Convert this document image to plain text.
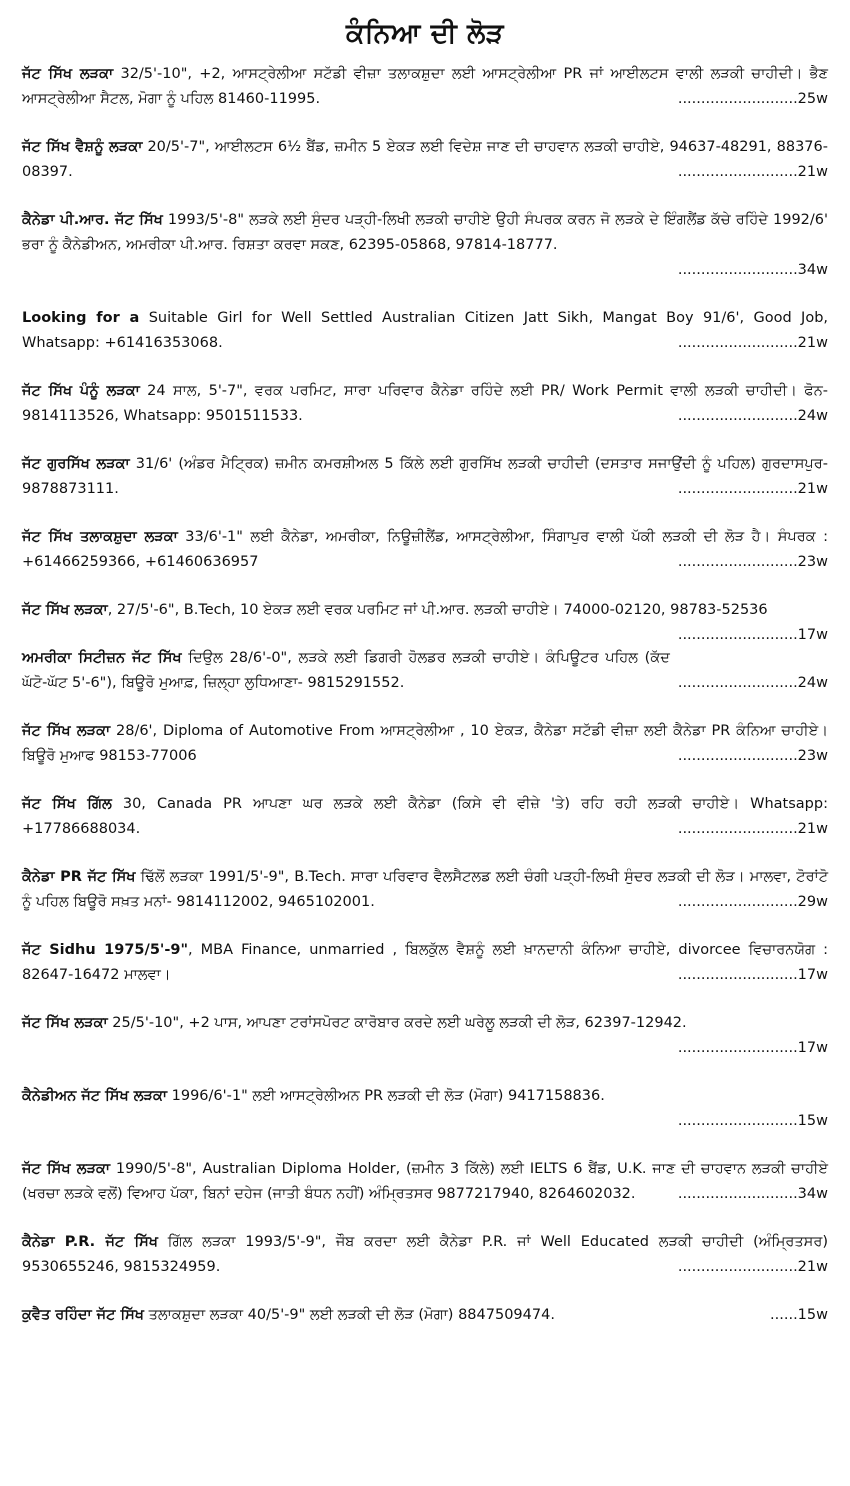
ਕੰਨਿਆ ਦੀ ਲੋੜ

ਜੱਟ ਸਿੱਖ ਲੜਕਾ 32/5'-10", +2, ਆਸਟ੍ਰੇਲੀਆ ਸਟੱਡੀ ਵੀਜ਼ਾ ਤਲਾਕਸ਼ੁਦਾ ਲਈ ਆਸਟ੍ਰੇਲੀਆ PR ਜਾਂ ਆਈਲਟਸ ਵਾਲੀ ਲੜਕੀ ਚਾਹੀਦੀ। ਭੈਣ ਆਸਟ੍ਰੇਲੀਆ ਸੈਟਲ, ਮੋਗਾ ਨੂੰ ਪਹਿਲ 81460-11995.	..........................25w

ਜੱਟ ਸਿੱਖ ਵੈਸ਼ਨੂੰ ਲੜਕਾ 20/5'-7", ਆਈਲਟਸ 6½ ਬੈਂਡ, ਜ਼ਮੀਨ 5 ਏਕੜ ਲਈ ਵਿਦੇਸ਼ ਜਾਣ ਦੀ ਚਾਹਵਾਨ ਲੜਕੀ ਚਾਹੀਏ, 94637-48291, 88376-08397.	..........................21w

ਕੈਨੇਡਾ ਪੀ.ਆਰ. ਜੱਟ ਸਿੱਖ 1993/5'-8" ਲੜਕੇ ਲਈ ਸੁੰਦਰ ਪੜ੍ਹੀ-ਲਿਖੀ ਲੜਕੀ ਚਾਹੀਏ ਉਹੀ ਸੰਪਰਕ ਕਰਨ ਜੋ ਲੜਕੇ ਦੇ ਇੰਗਲੈਂਡ ਕੱਚੇ ਰਹਿੰਦੇ 1992/6' ਭਰਾ ਨੂੰ ਕੈਨੇਡੀਅਨ, ਅਮਰੀਕਾ ਪੀ.ਆਰ. ਰਿਸ਼ਤਾ ਕਰਵਾ ਸਕਣ, 62395-05868, 97814-18777.

..........................34w

Looking for a Suitable Girl for Well Settled Australian Citizen Jatt Sikh, Mangat Boy 91/6', Good Job, Whatsapp: +61416353068.	..........................21w

ਜੱਟ ਸਿੱਖ ਪੰਨੂੰ ਲੜਕਾ 24 ਸਾਲ, 5'-7", ਵਰਕ ਪਰਮਿਟ, ਸਾਰਾ ਪਰਿਵਾਰ ਕੈਨੇਡਾ ਰਹਿੰਦੇ ਲਈ PR/ Work Permit ਵਾਲੀ ਲੜਕੀ ਚਾਹੀਦੀ। ਫੋਨ- 9814113526, Whatsapp: 9501511533.	..........................24w

ਜੱਟ ਗੁਰਸਿੱਖ ਲੜਕਾ 31/6' (ਅੰਡਰ ਮੈਟ੍ਰਿਕ) ਜ਼ਮੀਨ ਕਮਰਸ਼ੀਅਲ 5 ਕਿੱਲੇ ਲਈ ਗੁਰਸਿੱਖ ਲੜਕੀ ਚਾਹੀਦੀ (ਦਸਤਾਰ ਸਜਾਉਂਦੀ ਨੂੰ ਪਹਿਲ) ਗੁਰਦਾਸਪੁਰ- 9878873111.	..........................21w

ਜੱਟ ਸਿੱਖ ਤਲਾਕਸ਼ੁਦਾ ਲੜਕਾ 33/6'-1" ਲਈ ਕੈਨੇਡਾ, ਅਮਰੀਕਾ, ਨਿਊਜ਼ੀਲੈਂਡ, ਆਸਟ੍ਰੇਲੀਆ, ਸਿੰਗਾਪੁਰ ਵਾਲੀ ਪੱਕੀ ਲੜਕੀ ਦੀ ਲੋੜ ਹੈ। ਸੰਪਰਕ : +61466259366, +61460636957	..........................23w

ਜੱਟ ਸਿੱਖ ਲੜਕਾ, 27/5'-6", B.Tech, 10 ਏਕੜ ਲਈ ਵਰਕ ਪਰਮਿਟ ਜਾਂ ਪੀ.ਆਰ. ਲੜਕੀ ਚਾਹੀਏ। 74000-02120, 98783-52536
..........................17w

ਅਮਰੀਕਾ ਸਿਟੀਜ਼ਨ ਜੱਟ ਸਿੱਖ ਦਿਉਲ 28/6'-0", ਲੜਕੇ ਲਈ ਡਿਗਰੀ ਹੋਲਡਰ ਲੜਕੀ ਚਾਹੀਏ। ਕੰਪਿਊਟਰ ਪਹਿਲ (ਕੱਦ ਘੱਟੋ-ਘੱਟ 5'-6"), ਬਿਊਰੋ ਮੁਆਫ਼, ਜ਼ਿਲ੍ਹਾ ਲੁਧਿਆਣਾ- 9815291552.	..........................24w

ਜੱਟ ਸਿੱਖ ਲੜਕਾ 28/6', Diploma of Automotive From ਆਸਟ੍ਰੇਲੀਆ , 10 ਏਕੜ, ਕੈਨੇਡਾ ਸਟੱਡੀ ਵੀਜ਼ਾ ਲਈ ਕੈਨੇਡਾ PR ਕੰਨਿਆ ਚਾਹੀਏ। ਬਿਊਰੋ ਮੁਆਫ 98153-77006	..........................23w

ਜੱਟ ਸਿੱਖ ਗਿੱਲ 30, Canada PR ਆਪਣਾ ਘਰ ਲੜਕੇ ਲਈ ਕੈਨੇਡਾ (ਕਿਸੇ ਵੀ ਵੀਜ਼ੇ 'ਤੇ) ਰਹਿ ਰਹੀ ਲੜਕੀ ਚਾਹੀਏ। Whatsapp: +17786688034.	..........................21w

ਕੈਨੇਡਾ PR ਜੱਟ ਸਿੱਖ ਢਿੱਲੋਂ ਲੜਕਾ 1991/5'-9", B.Tech. ਸਾਰਾ ਪਰਿਵਾਰ ਵੈਲਸੈਟਲਡ ਲਈ ਚੰਗੀ ਪੜ੍ਹੀ-ਲਿਖੀ ਸੁੰਦਰ ਲੜਕੀ ਦੀ ਲੋੜ। ਮਾਲਵਾ, ਟੋਰਾਂਟੋ ਨੂੰ ਪਹਿਲ ਬਿਊਰੋ ਸਖ਼ਤ ਮਨਾਂ- 9814112002, 9465102001.	..........................29w

ਜੱਟ Sidhu 1975/5'-9", MBA Finance, unmarried , ਬਿਲਕੁੱਲ ਵੈਸ਼ਨੂੰ ਲਈ ਖ਼ਾਨਦਾਨੀ ਕੰਨਿਆ ਚਾਹੀਏ, divorcee ਵਿਚਾਰਨਯੋਗ : 82647-16472 ਮਾਲਵਾ।	..........................17w

ਜੱਟ ਸਿੱਖ ਲੜਕਾ 25/5'-10", +2 ਪਾਸ, ਆਪਣਾ ਟਰਾਂਸਪੋਰਟ ਕਾਰੋਬਾਰ ਕਰਦੇ ਲਈ ਘਰੇਲੂ ਲੜਕੀ ਦੀ ਲੋੜ, 62397-12942.

..........................17w

ਕੈਨੇਡੀਅਨ ਜੱਟ ਸਿੱਖ ਲੜਕਾ 1996/6'-1" ਲਈ ਆਸਟ੍ਰੇਲੀਅਨ PR ਲੜਕੀ ਦੀ ਲੋੜ (ਮੋਗਾ) 9417158836.

..........................15w

ਜੱਟ ਸਿੱਖ ਲੜਕਾ 1990/5'-8", Australian Diploma Holder, (ਜ਼ਮੀਨ 3 ਕਿੱਲੇ) ਲਈ IELTS 6 ਬੈਂਡ, U.K. ਜਾਣ ਦੀ ਚਾਹਵਾਨ ਲੜਕੀ ਚਾਹੀਏ (ਖਰਚਾ ਲੜਕੇ ਵਲੋਂ) ਵਿਆਹ ਪੱਕਾ, ਬਿਨਾਂ ਦਹੇਜ (ਜਾਤੀ ਬੰਧਨ ਨਹੀਂ) ਅੰਮ੍ਰਿਤਸਰ 9877217940, 8264602032.	..........................34w

ਕੈਨੇਡਾ P.R. ਜੱਟ ਸਿੱਖ ਗਿੱਲ ਲੜਕਾ 1993/5'-9", ਜੌਬ ਕਰਦਾ ਲਈ ਕੈਨੇਡਾ P.R. ਜਾਂ Well Educated ਲੜਕੀ ਚਾਹੀਦੀ (ਅੰਮ੍ਰਿਤਸਰ) 9530655246, 9815324959.	..........................21w

ਕੁਵੈਤ ਰਹਿੰਦਾ ਜੱਟ ਸਿੱਖ ਤਲਾਕਸ਼ੁਦਾ ਲੜਕਾ 40/5'-9" ਲਈ ਲੜਕੀ ਦੀ ਲੋੜ (ਮੋਗਾ) 8847509474.	......15w
